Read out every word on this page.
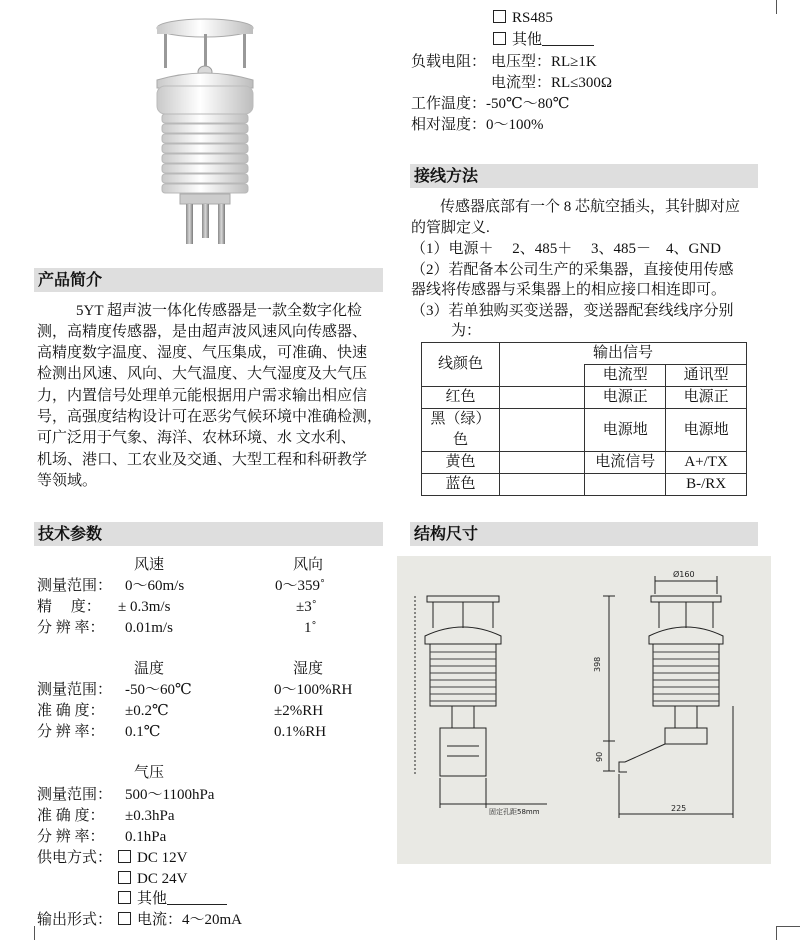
RS485
其他
负载电阻： 电压型：RL≥1K
电流型：RL≤300Ω
工作温度：-50℃～80℃
相对湿度：0～100%
接线方法
传感器底部有一个 8 芯航空插头，其针脚对应
的管脚定义.
（1）电源＋　 2、485＋　 3、485－　4、GND
（2）若配备本公司生产的采集器，直接使用传感
器线将传感器与采集器上的相应接口相连即可。
（3）若单独购买变送器，变送器配套线线序分别
为：
线颜色	输出信号		
		电流型	通讯型
红色		电源正	电源正
黑（绿）色		电源地	电源地
黄色		电流信号	A+/TX
蓝色			B-/RX
产品简介
5YT 超声波一体化传感器是一款全数字化检
测，高精度传感器，是由超声波风速风向传感器、
高精度数字温度、湿度、气压集成，可准确、快速
检测出风速、风向、大气温度、大气湿度及大气压
力，内置信号处理单元能根据用户需求输出相应信
号，高强度结构设计可在恶劣气候环境中准确检测，
可广泛用于气象、海洋、农林环境、水 文水利、
机场、港口、工农业及交通、大型工程和科研教学
等领域。
技术参数
风速	风向
测量范围： 0～60m/s	0～359˚
精　 度： ± 0.3m/s	±3˚
分 辨 率： 0.01m/s	1˚
温度	湿度
测量范围： -50～60℃	0～100%RH
准 确 度： ±0.2℃	±2%RH
分 辨 率： 0.1℃	0.1%RH
气压
测量范围： 500～1100hPa
准 确 度： ±0.3hPa
分 辨 率： 0.1hPa
供电方式：	DC 12V
DC 24V
其他
输出形式：	电流：4～20mA
结构尺寸
Ø160
398
90
225
固定孔距58mm
